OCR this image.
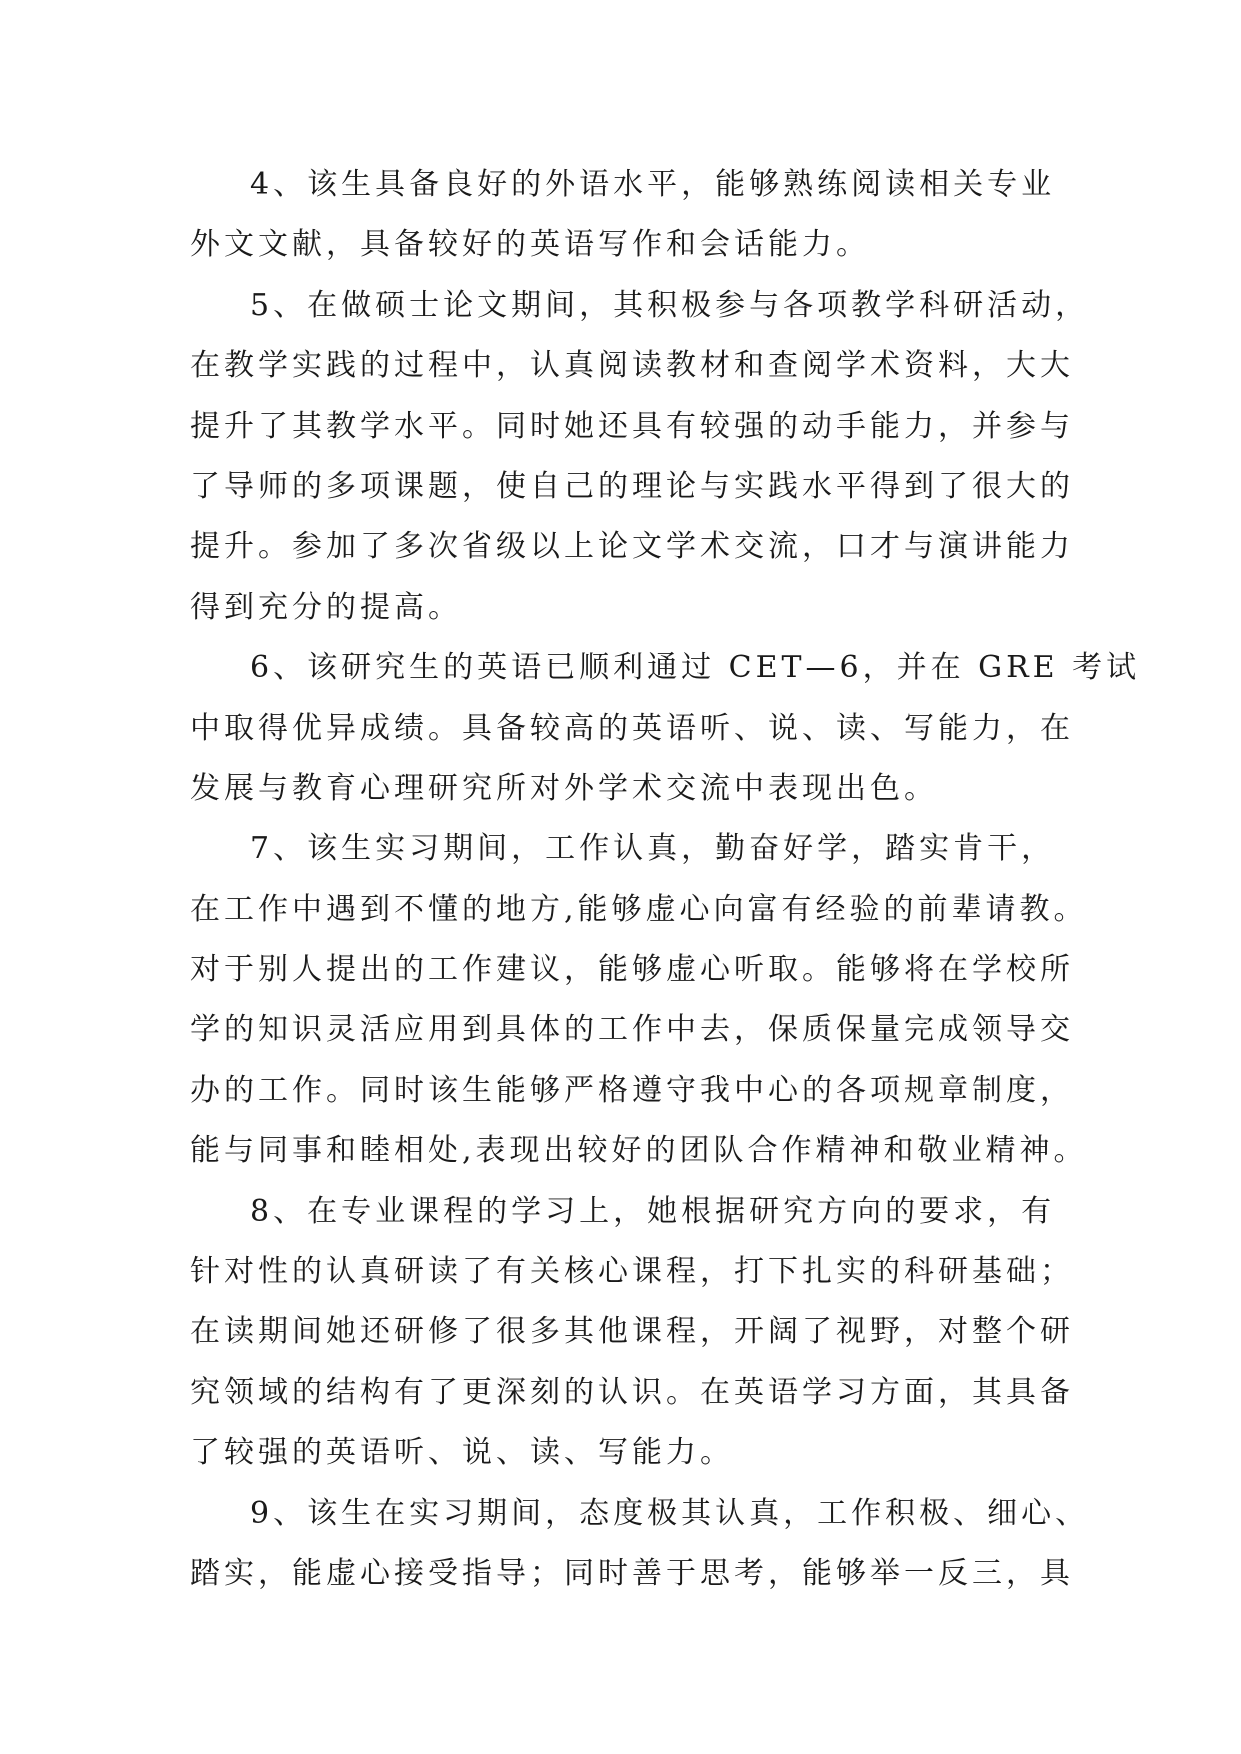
4、该生具备良好的外语水平，能够熟练阅读相关专业
外文文献，具备较好的英语写作和会话能力。
5、在做硕士论文期间，其积极参与各项教学科研活动，
在教学实践的过程中，认真阅读教材和查阅学术资料，大大
提升了其教学水平。同时她还具有较强的动手能力，并参与
了导师的多项课题，使自己的理论与实践水平得到了很大的
提升。参加了多次省级以上论文学术交流，口才与演讲能力
得到充分的提高。
6、该研究生的英语已顺利通过 CET—6，并在 GRE 考试
中取得优异成绩。具备较高的英语听、说、读、写能力，在
发展与教育心理研究所对外学术交流中表现出色。
7、该生实习期间，工作认真，勤奋好学，踏实肯干，
在工作中遇到不懂的地方,能够虚心向富有经验的前辈请教。
对于别人提出的工作建议，能够虚心听取。能够将在学校所
学的知识灵活应用到具体的工作中去，保质保量完成领导交
办的工作。同时该生能够严格遵守我中心的各项规章制度，
能与同事和睦相处,表现出较好的团队合作精神和敬业精神。
8、在专业课程的学习上，她根据研究方向的要求，有
针对性的认真研读了有关核心课程，打下扎实的科研基础；
在读期间她还研修了很多其他课程，开阔了视野，对整个研
究领域的结构有了更深刻的认识。在英语学习方面，其具备
了较强的英语听、说、读、写能力。
9、该生在实习期间，态度极其认真，工作积极、细心、
踏实，能虚心接受指导；同时善于思考，能够举一反三，具
